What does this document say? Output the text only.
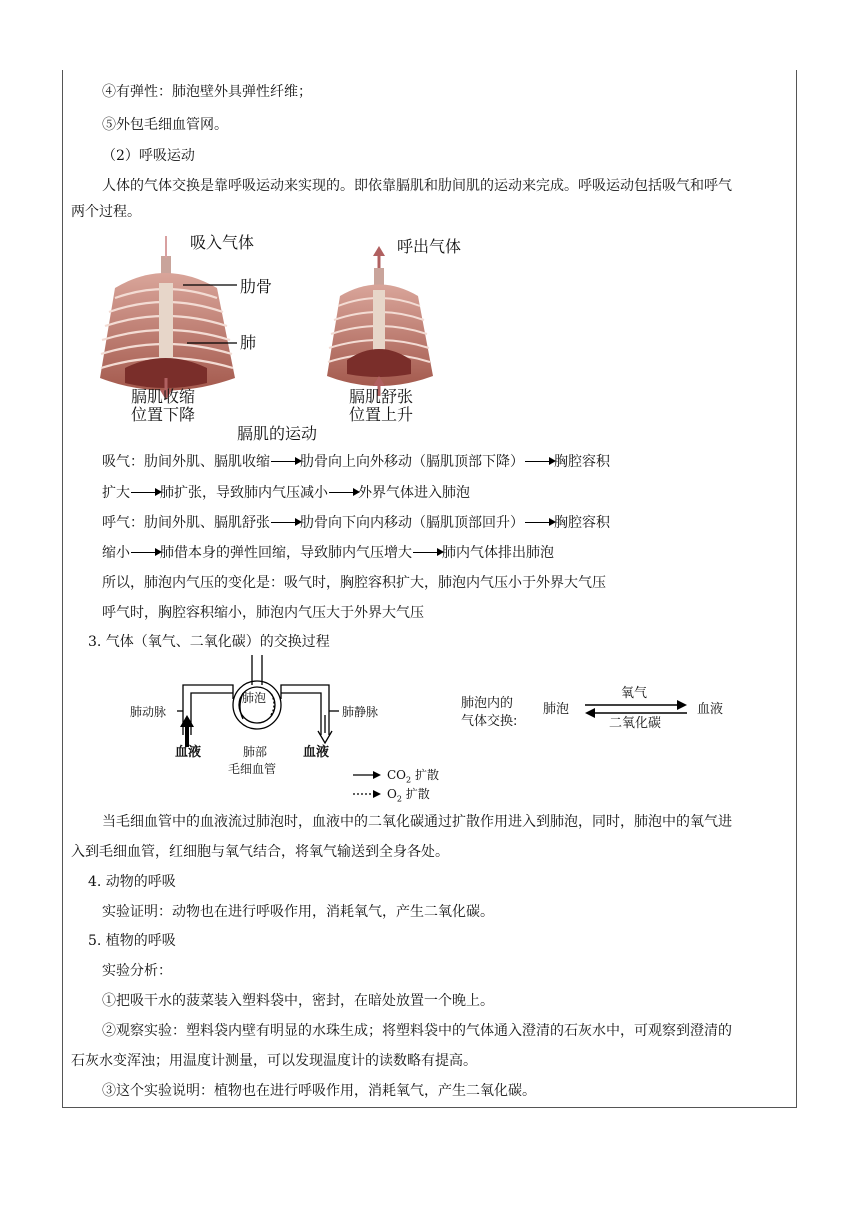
④有弹性：肺泡壁外具弹性纤维；
⑤外包毛细血管网。
（2）呼吸运动
人体的气体交换是靠呼吸运动来实现的。即依靠膈肌和肋间肌的运动来完成。呼吸运动包括吸气和呼气
两个过程。
吸入气体	呼出气体
肋骨
肺
膈肌收缩
位置下降
膈肌舒张
位置上升
膈肌的运动
吸气：肋间外肌、膈肌收缩 肋骨向上向外移动（膈肌顶部下降） 胸腔容积
扩大 肺扩张，导致肺内气压减小 外界气体进入肺泡
呼气：肋间外肌、膈肌舒张 肋骨向下向内移动（膈肌顶部回升） 胸腔容积
缩小 肺借本身的弹性回缩，导致肺内气压增大 肺内气体排出肺泡
所以，肺泡内气压的变化是：吸气时，胸腔容积扩大，肺泡内气压小于外界大气压
呼气时，胸腔容积缩小，肺泡内气压大于外界大气压
3. 气体（氧气、二氧化碳）的交换过程
肺泡
肺动脉	肺静脉
血液	血液
肺部
毛细血管	$CO_2$ 扩散
$O_2$ 扩散
肺泡内的
气体交换:
肺泡
氧气
二氧化碳
血液
当毛细血管中的血液流过肺泡时，血液中的二氧化碳通过扩散作用进入到肺泡，同时，肺泡中的氧气进
入到毛细血管，红细胞与氧气结合，将氧气输送到全身各处。
4. 动物的呼吸
实验证明：动物也在进行呼吸作用，消耗氧气，产生二氧化碳。
5. 植物的呼吸
实验分析：
①把吸干水的菠菜装入塑料袋中，密封，在暗处放置一个晚上。
②观察实验：塑料袋内壁有明显的水珠生成；将塑料袋中的气体通入澄清的石灰水中，可观察到澄清的
石灰水变浑浊；用温度计测量，可以发现温度计的读数略有提高。
③这个实验说明：植物也在进行呼吸作用，消耗氧气，产生二氧化碳。
